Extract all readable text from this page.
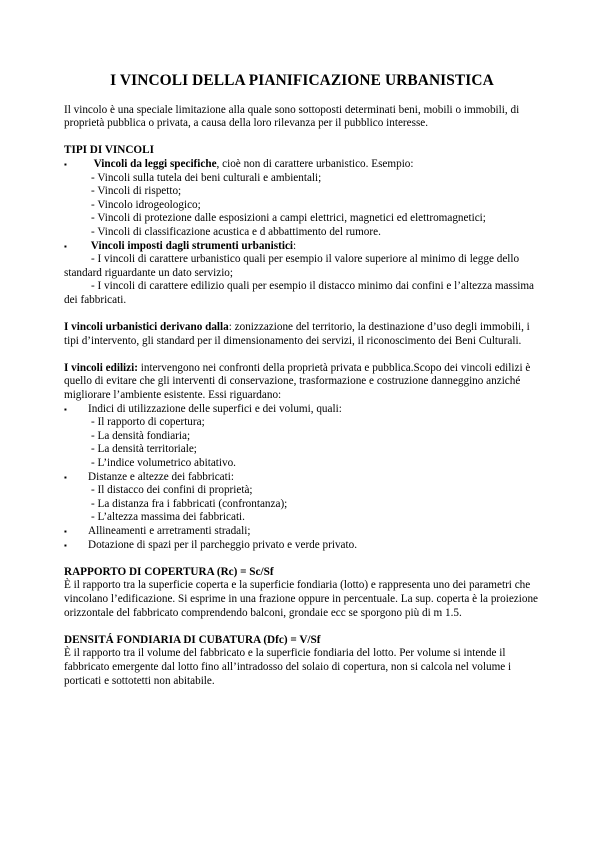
I VINCOLI DELLA PIANIFICAZIONE URBANISTICA

Il vincolo è una speciale limitazione alla quale sono sottoposti determinati beni, mobili o immobili, di proprietà pubblica o privata, a causa della loro rilevanza per il pubblico interesse.

TIPI DI VINCOLI

▪	Vincoli da leggi specifiche, cioè non di carattere urbanistico. Esempio:

- Vincoli sulla tutela dei beni culturali e ambientali;

- Vincoli di rispetto;

- Vincolo idrogeologico;

- Vincoli di protezione dalle esposizioni a campi elettrici, magnetici ed elettromagnetici;

- Vincoli di classificazione acustica e d abbattimento del rumore.

▪	Vincoli imposti dagli strumenti urbanistici:

- I vincoli di carattere urbanistico quali per esempio il valore superiore al minimo di legge dello standard riguardante un dato servizio;

- I vincoli di carattere edilizio quali per esempio il distacco minimo dai confini e l’altezza massima dei fabbricati.

I vincoli urbanistici derivano dalla: zonizzazione del territorio, la destinazione d’uso degli immobili, i tipi d’intervento, gli standard per il dimensionamento dei servizi, il riconoscimento dei Beni Culturali.

I vincoli edilizi: intervengono nei confronti della proprietà privata e pubblica.Scopo dei vincoli edilizi è quello di evitare che gli interventi di conservazione, trasformazione e costruzione danneggino anziché migliorare l’ambiente esistente. Essi riguardano:

▪	Indici di utilizzazione delle superfici e dei volumi, quali:

- Il rapporto di copertura;

- La densità fondiaria;

- La densità territoriale;

- L’indice volumetrico abitativo.

▪	Distanze e altezze dei fabbricati:

- Il distacco dei confini di proprietà;

- La distanza fra i fabbricati (confrontanza);

- L’altezza massima dei fabbricati.

▪	Allineamenti e arretramenti stradali;
▪	Dotazione di spazi per il parcheggio privato e verde privato.

RAPPORTO DI COPERTURA (Rc) = Sc/Sf

È il rapporto tra la superficie coperta e la superficie fondiaria (lotto) e rappresenta uno dei parametri che vincolano l’edificazione. Si esprime in una frazione oppure in percentuale. La sup. coperta è la proiezione orizzontale del fabbricato comprendendo balconi, grondaie ecc se sporgono più di m 1.5.

DENSITÁ FONDIARIA DI CUBATURA (Dfc) = V/Sf

È il rapporto tra il volume del fabbricato e la superficie fondiaria del lotto. Per volume si intende il fabbricato emergente dal lotto fino all’intradosso del solaio di copertura, non si calcola nel volume i porticati e sottotetti non abitabile.
